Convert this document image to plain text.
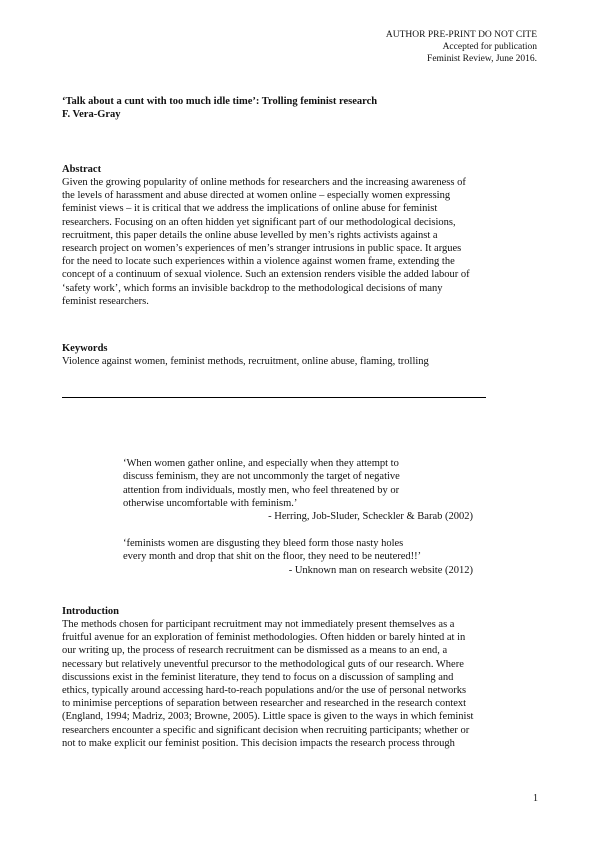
AUTHOR PRE-PRINT DO NOT CITE
Accepted for publication
Feminist Review, June 2016.
‘Talk about a cunt with too much idle time’: Trolling feminist research
F. Vera-Gray
Abstract
Given the growing popularity of online methods for researchers and the increasing awareness of
the levels of harassment and abuse directed at women online – especially women expressing
feminist views – it is critical that we address the implications of online abuse for feminist
researchers. Focusing on an often hidden yet significant part of our methodological decisions,
recruitment, this paper details the online abuse levelled by men’s rights activists against a
research project on women’s experiences of men’s stranger intrusions in public space. It argues
for the need to locate such experiences within a violence against women frame, extending the
concept of a continuum of sexual violence. Such an extension renders visible the added labour of
‘safety work’, which forms an invisible backdrop to the methodological decisions of many
feminist researchers.
Keywords
Violence against women, feminist methods, recruitment, online abuse, flaming, trolling
‘When women gather online, and especially when they attempt to
discuss feminism, they are not uncommonly the target of negative
attention from individuals, mostly men, who feel threatened by or
otherwise uncomfortable with feminism.’
- Herring, Job-Sluder, Scheckler & Barab (2002)
‘feminists women are disgusting they bleed form those nasty holes
every month and drop that shit on the floor, they need to be neutered!!’
- Unknown man on research website (2012)
Introduction
The methods chosen for participant recruitment may not immediately present themselves as a
fruitful avenue for an exploration of feminist methodologies. Often hidden or barely hinted at in
our writing up, the process of research recruitment can be dismissed as a means to an end, a
necessary but relatively uneventful precursor to the methodological guts of our research. Where
discussions exist in the feminist literature, they tend to focus on a discussion of sampling and
ethics, typically around accessing hard-to-reach populations and/or the use of personal networks
to minimise perceptions of separation between researcher and researched in the research context
(England, 1994; Madriz, 2003; Browne, 2005). Little space is given to the ways in which feminist
researchers encounter a specific and significant decision when recruiting participants; whether or
not to make explicit our feminist position. This decision impacts the research process through
1
